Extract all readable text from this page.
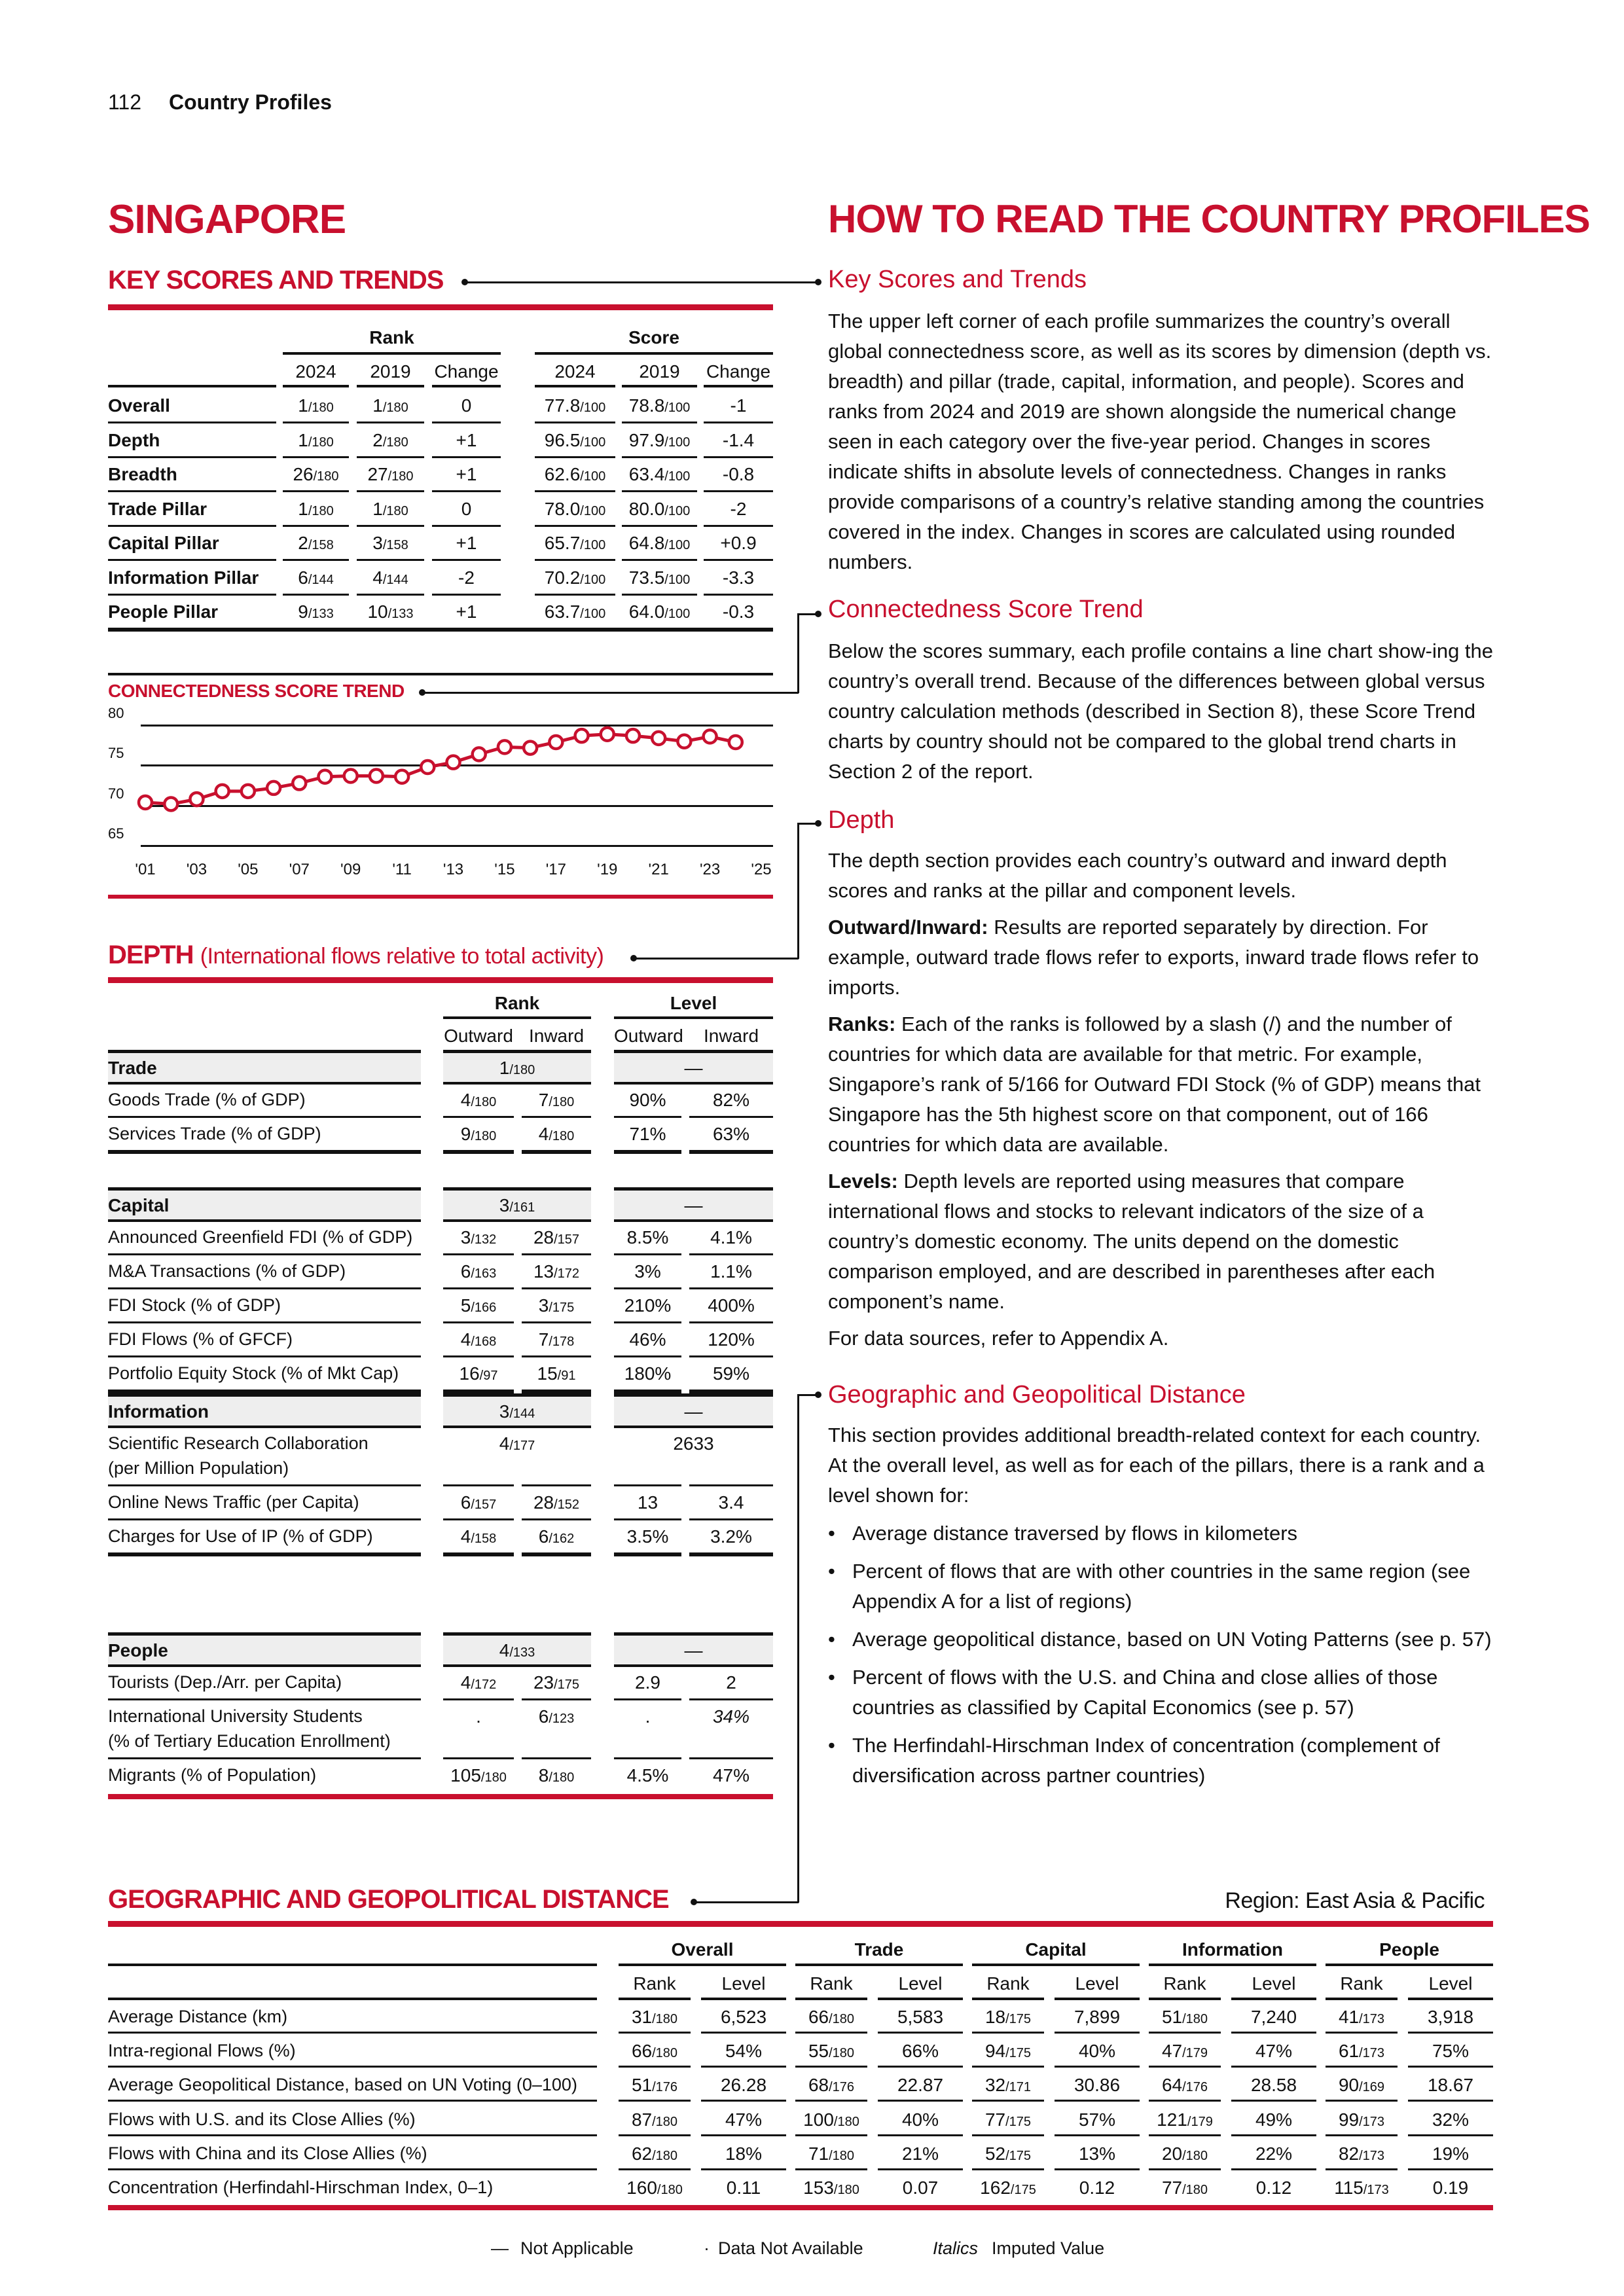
112 Country Profiles
SINGAPORE	HOW TO READ THE COUNTRY PROFILES
KEY SCORES AND TRENDS
Rank	Score
2024	2019	Change	2024	2019	Change
Overall	1/180	1/180	0	77.8/100	78.8/100	-1
Depth	1/180	2/180	+1	96.5/100	97.9/100	-1.4
Breadth	26/180	27/180	+1	62.6/100	63.4/100	-0.8
Trade Pillar	1/180	1/180	0	78.0/100	80.0/100	-2
Capital Pillar	2/158	3/158	+1	65.7/100	64.8/100	+0.9
Information Pillar	6/144	4/144	-2	70.2/100	73.5/100	-3.3
People Pillar	9/133	10/133	+1	63.7/100	64.0/100	-0.3
CONNECTEDNESS SCORE TREND
80
75
70
65
'01 '03 '05 '07 '09 '11 '13 '15 '17 '19 '21 '23 '25
DEPTH (International flows relative to total activity)
Rank	Level
Outward Inward	Outward	Inward
Trade	1/180	—
Goods Trade (% of GDP)	4/180	7/180	90%	82%
Services Trade (% of GDP)	9/180	4/180	71%	63%
Capital	3/161	—
Announced Greenfield FDI (% of GDP)	3/132	28/157	8.5%	4.1%
M&A Transactions (% of GDP)	6/163	13/172	3%	1.1%
FDI Stock (% of GDP)	5/166	3/175	210%	400%
FDI Flows (% of GFCF)	4/168	7/178	46%	120%
Portfolio Equity Stock (% of Mkt Cap)	16/97	15/91	180%	59%
Information	3/144	—
Scientific Research Collaboration
(per Million Population)
4/177	2633
Online News Traffic (per Capita)	6/157	28/152	13	3.4
Charges for Use of IP (% of GDP)	4/158	6/162	3.5%	3.2%
People	4/133	—
Tourists (Dep./Arr. per Capita)	4/172	23/175	2.9	2
International University Students
(% of Tertiary Education Enrollment)
.	6/123	.	34%
Migrants (% of Population)	105/180	8/180	4.5%	47%
GEOGRAPHIC AND GEOPOLITICAL DISTANCE	Region: East Asia & Pacific
Overall
Rank	Level
Trade
Rank	Level
Capital
Rank	Level
Information
Rank	Level
People
Rank	Level
Average Distance (km)	31/180	6,523	66/180	5,583	18/175	7,899	51/180	7,240	41/173	3,918
Intra-regional Flows (%)	66/180	54%	55/180	66%	94/175	40%	47/179	47%	61/173	75%
Average Geopolitical Distance, based on UN Voting (0–100)	51/176	26.28	68/176	22.87	32/171	30.86	64/176	28.58	90/169	18.67
Flows with U.S. and its Close Allies (%)	87/180	47%	100/180	40%	77/175	57%	121/179	49%	99/173	32%
Flows with China and its Close Allies (%)	62/180	18%	71/180	21%	52/175	13%	20/180	22%	82/173	19%
Concentration (Herfindahl-Hirschman Index, 0–1)	160/180	0.11	153/180	0.07	162/175	0.12	77/180	0.12	115/173	0.19
Key Scores and Trends
The upper left corner of each profile summarizes the country’s overall global connectedness score, as well as its scores by dimension (depth vs. breadth) and pillar (trade, capital, information, and people). Scores and ranks from 2024 and 2019 are shown alongside the numerical change seen in each category over the five-year period. Changes in scores indicate shifts in absolute levels of connectedness. Changes in ranks provide comparisons of a country’s relative standing among the countries covered in the index. Changes in scores are calculated using rounded numbers.
Connectedness Score Trend
Below the scores summary, each profile contains a line chart show-ing the country’s overall trend. Because of the differences between global versus country calculation methods (described in Section 8), these Score Trend charts by country should not be compared to the global trend charts in Section 2 of the report.
Depth

The depth section provides each country’s outward and inward depth scores and ranks at the pillar and component levels.

Outward/Inward: Results are reported separately by direction. For example, outward trade flows refer to exports, inward trade flows refer to imports.

Ranks: Each of the ranks is followed by a slash (/) and the number of countries for which data are available for that metric. For example, Singapore’s rank of 5/166 for Outward FDI Stock (% of GDP) means that Singapore has the 5th highest score on that component, out of 166 countries for which data are available.

Levels: Depth levels are reported using measures that compare international flows and stocks to relevant indicators of the size of a country’s domestic economy. The units depend on the domestic comparison employed, and are described in parentheses after each component’s name.

For data sources, refer to Appendix A.

Geographic and Geopolitical Distance

This section provides additional breadth-related context for each country. At the overall level, as well as for each of the pillars, there is a rank and a level shown for:

• Average distance traversed by flows in kilometers
• Percent of flows that are with other countries in the same region (see Appendix A for a list of regions)
• Average geopolitical distance, based on UN Voting Patterns (see p. 57)
• Percent of flows with the U.S. and China and close allies of those countries as classified by Capital Economics (see p. 57)
• The Herfindahl-Hirschman Index of concentration (complement of diversification across partner countries)
— Not Applicable	· Data Not Available	Italics Imputed Value
